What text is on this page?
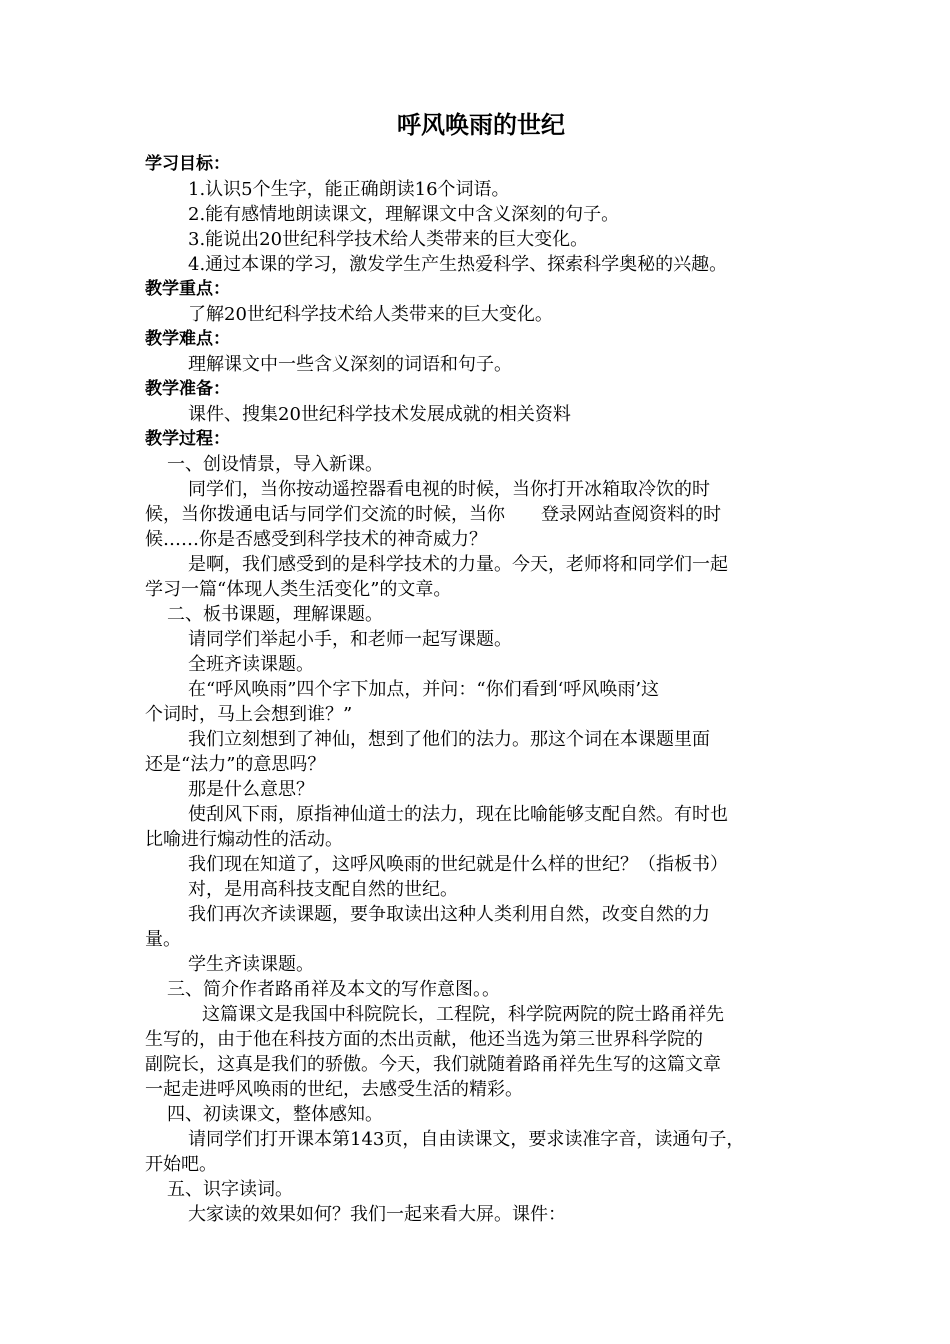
呼风唤雨的世纪

学习目标：

1.认识5个生字，能正确朗读16个词语。

2.能有感情地朗读课文，理解课文中含义深刻的句子。

3.能说出20世纪科学技术给人类带来的巨大变化。

4.通过本课的学习，激发学生产生热爱科学、探索科学奥秘的兴趣。

教学重点：

了解20世纪科学技术给人类带来的巨大变化。

教学难点：

理解课文中一些含义深刻的词语和句子。

教学准备：

课件、搜集20世纪科学技术发展成就的相关资料

教学过程：

一、创设情景，导入新课。

同学们，当你按动遥控器看电视的时候，当你打开冰箱取冷饮的时

候，当你拨通电话与同学们交流的时候，当你　　登录网站查阅资料的时

候……你是否感受到科学技术的神奇威力？

是啊，我们感受到的是科学技术的力量。今天，老师将和同学们一起

学习一篇“体现人类生活变化”的文章。

二、板书课题，理解课题。

请同学们举起小手，和老师一起写课题。

全班齐读课题。

在“呼风唤雨”四个字下加点，并问：“你们看到‘呼风唤雨’这

个词时，马上会想到谁？”

我们立刻想到了神仙，想到了他们的法力。那这个词在本课题里面

还是“法力”的意思吗？

那是什么意思？

使刮风下雨，原指神仙道士的法力，现在比喻能够支配自然。有时也

比喻进行煽动性的活动。

我们现在知道了，这呼风唤雨的世纪就是什么样的世纪？（指板书）

对，是用高科技支配自然的世纪。

我们再次齐读课题，要争取读出这种人类利用自然，改变自然的力

量。

学生齐读课题。

三、简介作者路甬祥及本文的写作意图。。

这篇课文是我国中科院院长，工程院，科学院两院的院士路甬祥先

生写的，由于他在科技方面的杰出贡献，他还当选为第三世界科学院的

副院长，这真是我们的骄傲。今天，我们就随着路甬祥先生写的这篇文章

一起走进呼风唤雨的世纪，去感受生活的精彩。

四、初读课文，整体感知。

请同学们打开课本第143页，自由读课文，要求读准字音，读通句子，

开始吧。

五、识字读词。

大家读的效果如何？我们一起来看大屏。课件：
